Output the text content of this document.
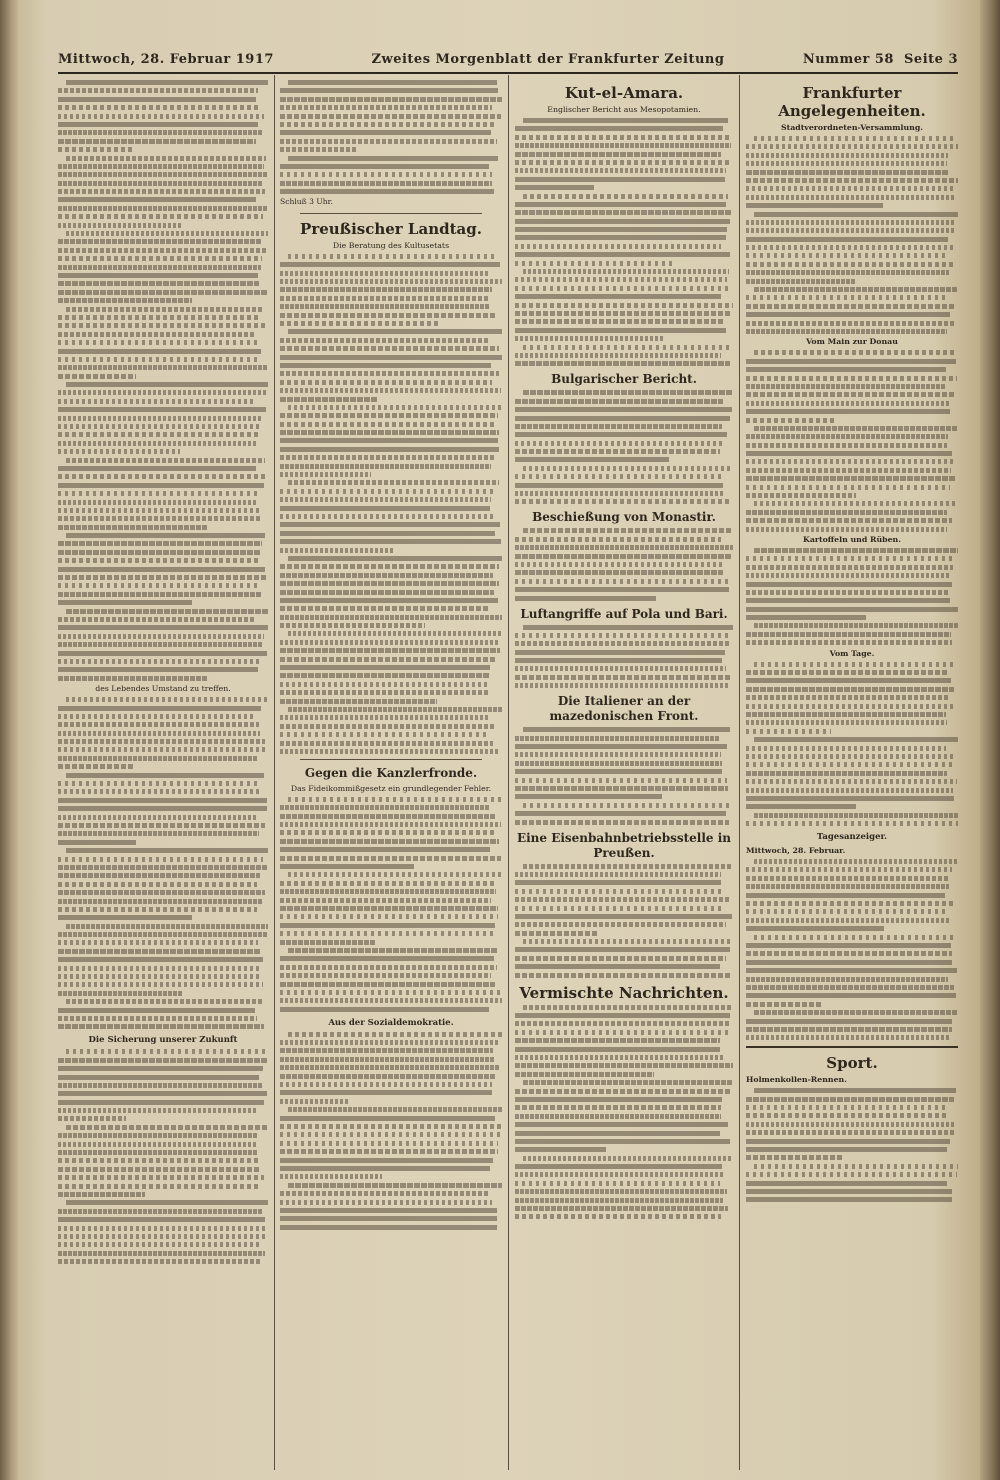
Mittwoch, 28. Februar 1917	Zweites Morgenblatt der Frankfurter Zeitung	Nummer 58 Seite 3
des Lebendes Umstand zu treffen.
Die Sicherung unserer Zukunft
Schluß 3 Uhr.
Preußischer Landtag.
Die Beratung des Kultusetats
Gegen die Kanzlerfronde.
Das Fideikommißgesetz ein grundlegender Fehler.
Aus der Sozialdemokratie.
Kut-el-Amara.
Englischer Bericht aus Mesopotamien.
Bulgarischer Bericht.
Beschießung von Monastir.
Luftangriffe auf Pola und Bari.
Die Italiener an der mazedonischen Front.
Eine Eisenbahnbetriebsstelle in Preußen.
Vermischte Nachrichten.
Frankfurter Angelegenheiten.
Stadtverordneten-Versammlung.
Vom Main zur Donau
Kartoffeln und Rüben.
Vom Tage.
Tagesanzeiger.
Mittwoch, 28. Februar.
Sport.
Holmenkollen-Rennen.
